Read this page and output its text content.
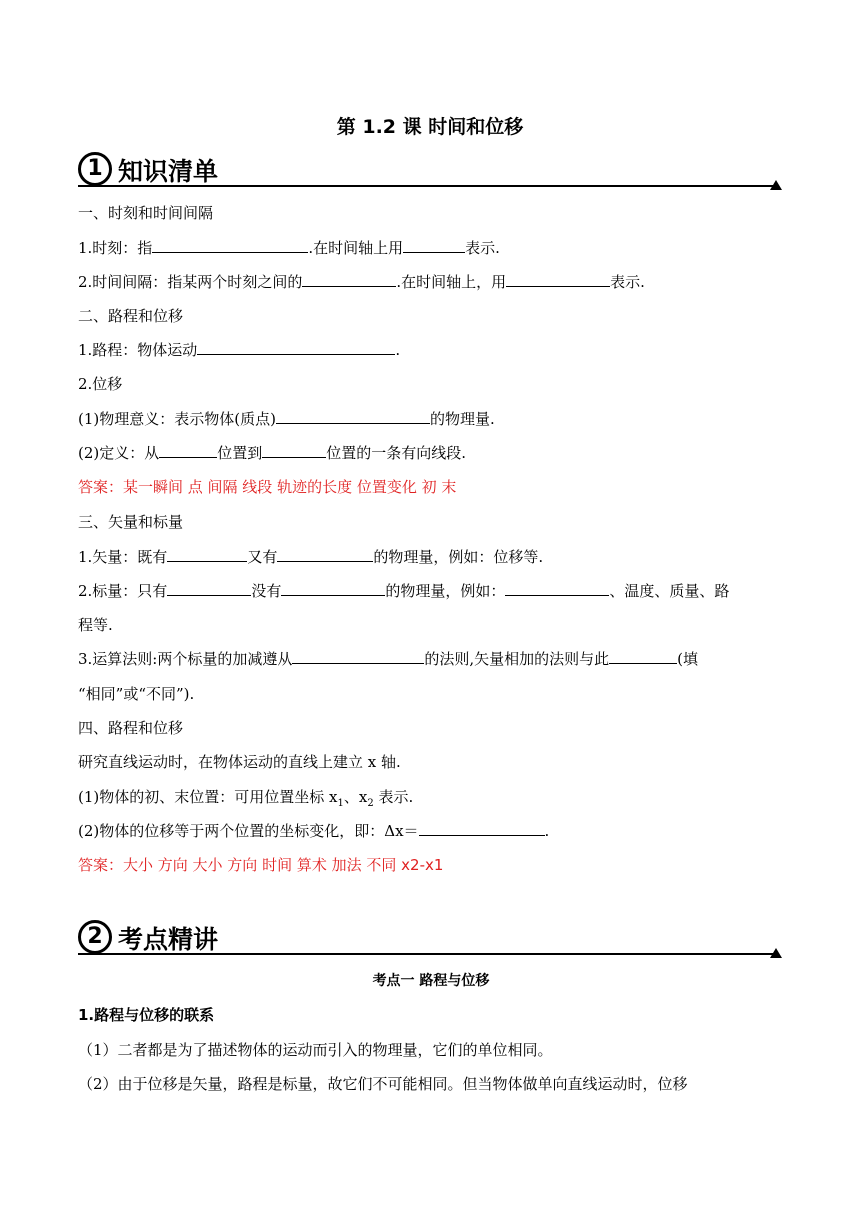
第 1.2 课 时间和位移
1 知识清单
一、时刻和时间间隔
1.时刻：指	.在时间轴上用	表示.
2.时间间隔：指某两个时刻之间的	.在时间轴上，用	表示.
二、路程和位移
1.路程：物体运动	.
2.位移
(1)物理意义：表示物体(质点)	的物理量.
(2)定义：从	位置到	位置的一条有向线段.
答案：某一瞬间 点 间隔 线段 轨迹的长度 位置变化 初 末
三、矢量和标量
1.矢量：既有	又有	的物理量，例如：位移等.
2.标量：只有	没有	的物理量，例如：	、温度、质量、路
程等.
3.运算法则:两个标量的加减遵从	的法则,矢量相加的法则与此	(填
“相同”或“不同”).
四、路程和位移
研究直线运动时，在物体运动的直线上建立 x 轴.
(1)物体的初、末位置：可用位置坐标 $x_1$、$x_2$ 表示.
(2)物体的位移等于两个位置的坐标变化，即：Δx＝	.
答案：大小 方向 大小 方向 时间 算术 加法 不同 x2-x1
2 考点精讲
考点一 路程与位移
1.路程与位移的联系
（1）二者都是为了描述物体的运动而引入的物理量，它们的单位相同。
（2）由于位移是矢量，路程是标量，故它们不可能相同。但当物体做单向直线运动时，位移
